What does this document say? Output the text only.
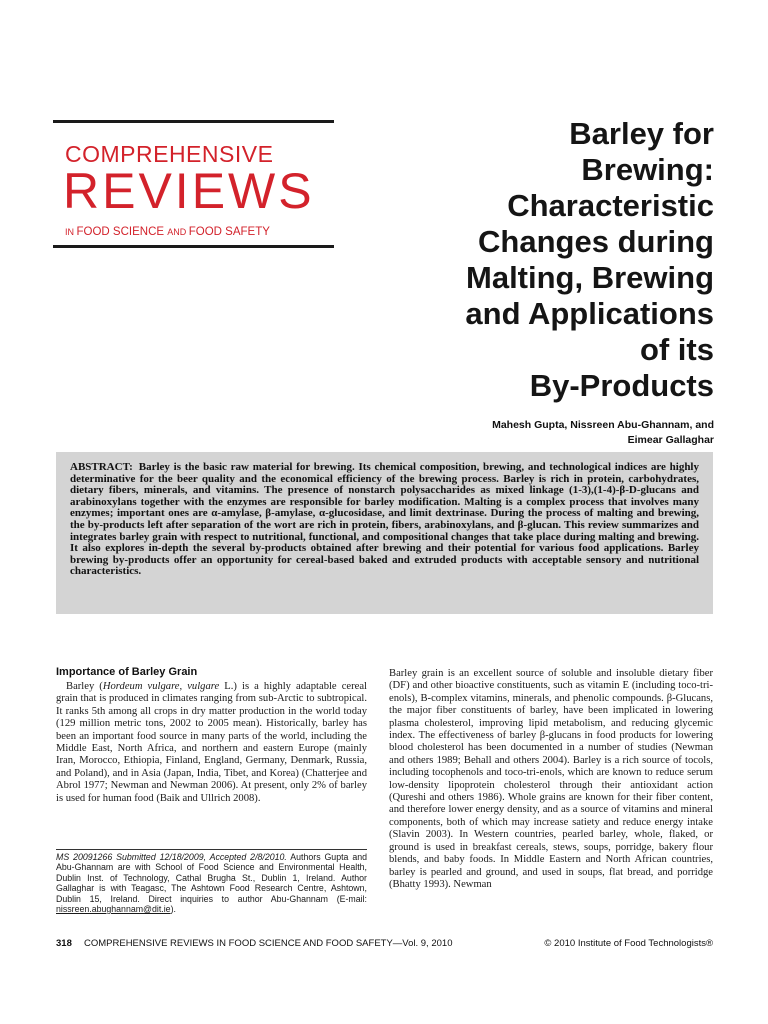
COMPREHENSIVE
REVIEWS
IN FOOD SCIENCE AND FOOD SAFETY
Barley for
Brewing:
Characteristic
Changes during
Malting, Brewing
and Applications
of its
By-Products
Mahesh Gupta, Nissreen Abu-Ghannam, and
Eimear Gallaghar
ABSTRACT: Barley is the basic raw material for brewing. Its chemical composition, brewing, and technological indices are highly determinative for the beer quality and the economical efficiency of the brewing process. Barley is rich in protein, carbohydrates, dietary fibers, minerals, and vitamins. The presence of nonstarch polysaccharides as mixed linkage (1-3),(1-4)-β-D-glucans and arabinoxylans together with the enzymes are responsible for barley modification. Malting is a complex process that involves many enzymes; important ones are α-amylase, β-amylase, α-glucosidase, and limit dextrinase. During the process of malting and brewing, the by-products left after separation of the wort are rich in protein, fibers, arabinoxylans, and β-glucan. This review summarizes and integrates barley grain with respect to nutritional, functional, and compositional changes that take place during malting and brewing. It also explores in-depth the several by-products obtained after brewing and their potential for various food applications. Barley brewing by-products offer an opportunity for cereal-based baked and extruded products with acceptable sensory and nutritional characteristics.
Importance of Barley Grain

Barley (Hordeum vulgare, vulgare L.) is a highly adaptable cereal grain that is produced in climates ranging from sub-Arctic to subtropical. It ranks 5th among all crops in dry matter production in the world today (129 million metric tons, 2002 to 2005 mean). Historically, barley has been an important food source in many parts of the world, including the Middle East, North Africa, and northern and eastern Europe (mainly Iran, Morocco, Ethiopia, Finland, England, Germany, Denmark, Russia, and Poland), and in Asia (Japan, India, Tibet, and Korea) (Chatterjee and Abrol 1977; Newman and Newman 2006). At present, only 2% of barley is used for human food (Baik and Ullrich 2008).

MS 20091266 Submitted 12/18/2009, Accepted 2/8/2010. Authors Gupta and Abu-Ghannam are with School of Food Science and Environmental Health, Dublin Inst. of Technology, Cathal Brugha St., Dublin 1, Ireland. Author Gallaghar is with Teagasc, The Ashtown Food Research Centre, Ashtown, Dublin 15, Ireland. Direct inquiries to author Abu-Ghannam (E-mail: nissreen.abughannam@dit.ie).

Barley grain is an excellent source of soluble and insoluble dietary fiber (DF) and other bioactive constituents, such as vitamin E (including toco-tri-enols), B-complex vitamins, minerals, and phenolic compounds. β-Glucans, the major fiber constituents of barley, have been implicated in lowering plasma cholesterol, improving lipid metabolism, and reducing glycemic index. The effectiveness of barley β-glucans in food products for lowering blood cholesterol has been documented in a number of studies (Newman and others 1989; Behall and others 2004). Barley is a rich source of tocols, including tocophenols and toco-tri-enols, which are known to reduce serum low-density lipoprotein cholesterol through their antioxidant action (Qureshi and others 1986). Whole grains are known for their fiber content, and therefore lower energy density, and as a source of vitamins and mineral components, both of which may increase satiety and reduce energy intake (Slavin 2003). In Western countries, pearled barley, whole, flaked, or ground is used in breakfast cereals, stews, soups, porridge, bakery flour blends, and baby foods. In Middle Eastern and North African countries, barley is pearled and ground, and used in soups, flat bread, and porridge (Bhatty 1993). Newman

318 COMPREHENSIVE REVIEWS IN FOOD SCIENCE AND FOOD SAFETY—Vol. 9, 2010	© 2010 Institute of Food Technologists®
